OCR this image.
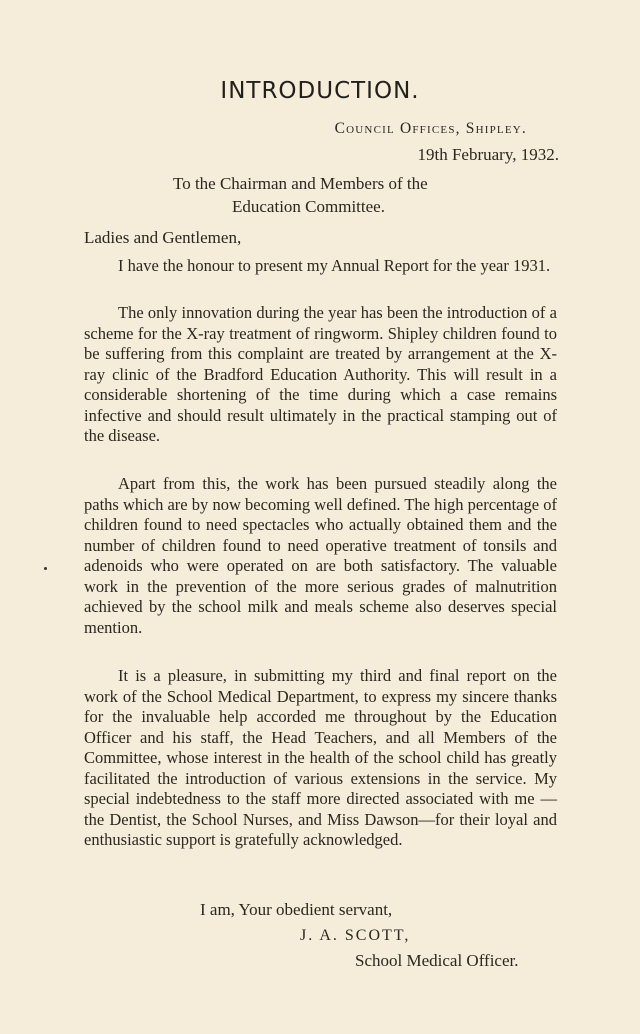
INTRODUCTION.
Council Offices, Shipley.
19th February, 1932.
To the Chairman and Members of the
Education Committee.
Ladies and Gentlemen,

I have the honour to present my Annual Report for the year 1931.

The only innovation during the year has been the introduction of a scheme for the X-ray treatment of ringworm. Shipley children found to be suffering from this complaint are treated by arrangement at the X-ray clinic of the Bradford Education Authority. This will result in a considerable shortening of the time during which a case remains infective and should result ultimately in the practical stamping out of the disease.

Apart from this, the work has been pursued steadily along the paths which are by now becoming well defined. The high percentage of children found to need spectacles who actually obtained them and the number of children found to need operative treatment of tonsils and adenoids who were operated on are both satisfactory. The valuable work in the prevention of the more serious grades of malnutrition achieved by the school milk and meals scheme also deserves special mention.

It is a pleasure, in submitting my third and final report on the work of the School Medical Department, to express my sincere thanks for the invaluable help accorded me throughout by the Education Officer and his staff, the Head Teachers, and all Members of the Committee, whose interest in the health of the school child has greatly facilitated the introduction of various extensions in the service. My special indebtedness to the staff more directed associated with me —the Dentist, the School Nurses, and Miss Dawson—for their loyal and enthusiastic support is gratefully acknowledged.

I am, Your obedient servant,
J. A. SCOTT,
School Medical Officer.
